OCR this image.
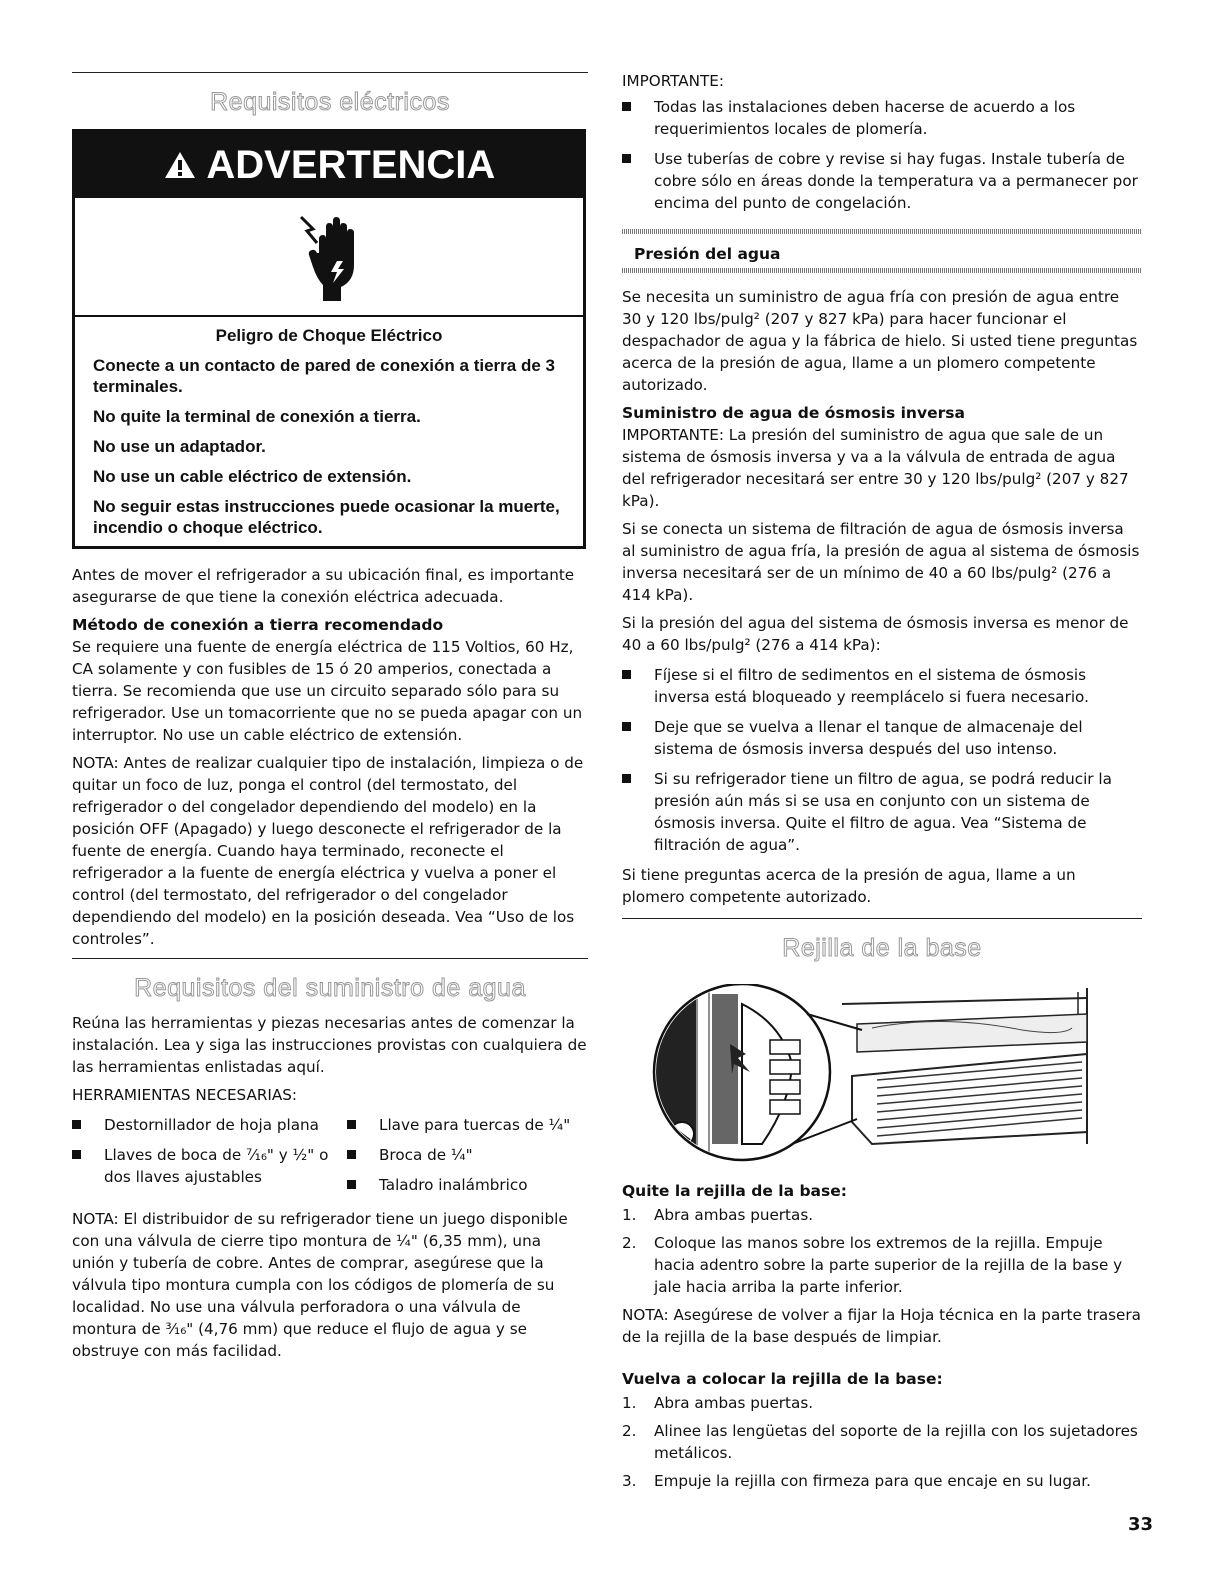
Requisitos eléctricos
ADVERTENCIA
Peligro de Choque Eléctrico
Conecte a un contacto de pared de conexión a tierra de 3 terminales.
No quite la terminal de conexión a tierra.
No use un adaptador.
No use un cable eléctrico de extensión.
No seguir estas instrucciones puede ocasionar la muerte, incendio o choque eléctrico.

Antes de mover el refrigerador a su ubicación final, es importante asegurarse de que tiene la conexión eléctrica adecuada.

Método de conexión a tierra recomendado

Se requiere una fuente de energía eléctrica de 115 Voltios, 60 Hz, CA solamente y con fusibles de 15 ó 20 amperios, conectada a tierra. Se recomienda que use un circuito separado sólo para su refrigerador. Use un tomacorriente que no se pueda apagar con un interruptor. No use un cable eléctrico de extensión.

NOTA: Antes de realizar cualquier tipo de instalación, limpieza o de quitar un foco de luz, ponga el control (del termostato, del refrigerador o del congelador dependiendo del modelo) en la posición OFF (Apagado) y luego desconecte el refrigerador de la fuente de energía. Cuando haya terminado, reconecte el refrigerador a la fuente de energía eléctrica y vuelva a poner el control (del termostato, del refrigerador o del congelador dependiendo del modelo) en la posición deseada. Vea “Uso de los controles”.

Requisitos del suministro de agua

Reúna las herramientas y piezas necesarias antes de comenzar la instalación. Lea y siga las instrucciones provistas con cualquiera de las herramientas enlistadas aquí.

HERRAMIENTAS NECESARIAS:
Destornillador de hoja plana
Llaves de boca de ⁷⁄₁₆" y ½" o dos llaves ajustables
Llave para tuercas de ¼"
Broca de ¼"
Taladro inalámbrico

NOTA: El distribuidor de su refrigerador tiene un juego disponible con una válvula de cierre tipo montura de ¼" (6,35 mm), una unión y tubería de cobre. Antes de comprar, asegúrese que la válvula tipo montura cumpla con los códigos de plomería de su localidad. No use una válvula perforadora o una válvula de montura de ³⁄₁₆" (4,76 mm) que reduce el flujo de agua y se obstruye con más facilidad.

IMPORTANTE:
Todas las instalaciones deben hacerse de acuerdo a los requerimientos locales de plomería.
Use tuberías de cobre y revise si hay fugas. Instale tubería de cobre sólo en áreas donde la temperatura va a permanecer por encima del punto de congelación.
Presión del agua

Se necesita un suministro de agua fría con presión de agua entre 30 y 120 lbs/pulg² (207 y 827 kPa) para hacer funcionar el despachador de agua y la fábrica de hielo. Si usted tiene preguntas acerca de la presión de agua, llame a un plomero competente autorizado.

Suministro de agua de ósmosis inversa

IMPORTANTE: La presión del suministro de agua que sale de un sistema de ósmosis inversa y va a la válvula de entrada de agua del refrigerador necesitará ser entre 30 y 120 lbs/pulg² (207 y 827 kPa).

Si se conecta un sistema de filtración de agua de ósmosis inversa al suministro de agua fría, la presión de agua al sistema de ósmosis inversa necesitará ser de un mínimo de 40 a 60 lbs/pulg² (276 a 414 kPa).

Si la presión del agua del sistema de ósmosis inversa es menor de 40 a 60 lbs/pulg² (276 a 414 kPa):

Fíjese si el filtro de sedimentos en el sistema de ósmosis inversa está bloqueado y reemplácelo si fuera necesario.
Deje que se vuelva a llenar el tanque de almacenaje del sistema de ósmosis inversa después del uso intenso.
Si su refrigerador tiene un filtro de agua, se podrá reducir la presión aún más si se usa en conjunto con un sistema de ósmosis inversa. Quite el filtro de agua. Vea “Sistema de filtración de agua”.

Si tiene preguntas acerca de la presión de agua, llame a un plomero competente autorizado.

Rejilla de la base
Quite la rejilla de la base:
1. Abra ambas puertas.
2. Coloque las manos sobre los extremos de la rejilla. Empuje hacia adentro sobre la parte superior de la rejilla de la base y jale hacia arriba la parte inferior.

NOTA: Asegúrese de volver a fijar la Hoja técnica en la parte trasera de la rejilla de la base después de limpiar.

Vuelva a colocar la rejilla de la base:
1. Abra ambas puertas.
2. Alinee las lengüetas del soporte de la rejilla con los sujetadores metálicos.
3. Empuje la rejilla con firmeza para que encaje en su lugar.
33
